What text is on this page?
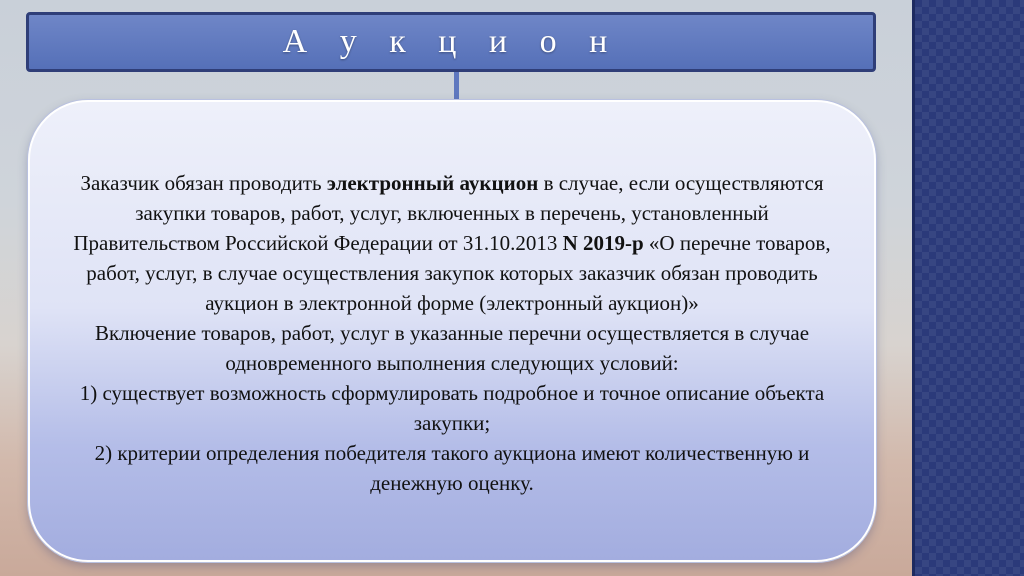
А у к ц и о н

Заказчик обязан проводить электронный аукцион в случае, если осуществляются закупки товаров, работ, услуг, включенных в перечень, установленный Правительством Российской Федерации от 31.10.2013 N 2019-р «О перечне товаров, работ, услуг, в случае осуществления закупок которых заказчик обязан проводить аукцион в электронной форме (электронный аукцион)»

Включение товаров, работ, услуг в указанные перечни осуществляется в случае одновременного выполнения следующих условий:

1) существует возможность сформулировать подробное и точное описание объекта закупки;

2) критерии определения победителя такого аукциона имеют количественную и денежную оценку.
